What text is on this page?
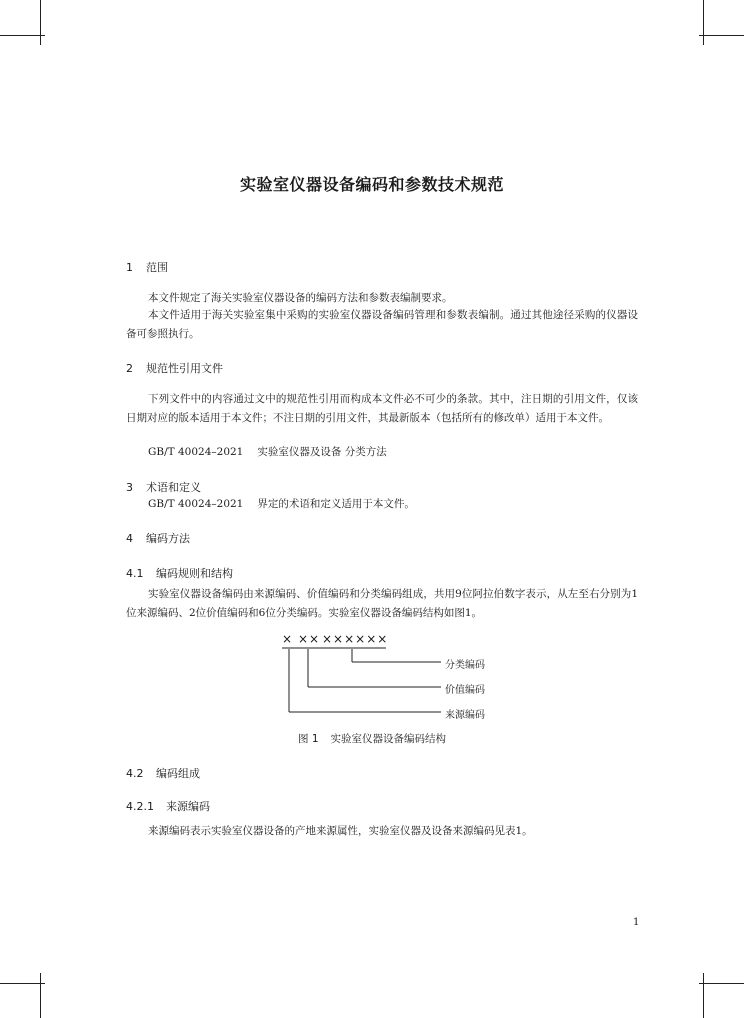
实验室仪器设备编码和参数技术规范
1 范围
本文件规定了海关实验室仪器设备的编码方法和参数表编制要求。
本文件适用于海关实验室集中采购的实验室仪器设备编码管理和参数表编制。通过其他途径采购的仪器设备可参照执行。
2 规范性引用文件
下列文件中的内容通过文中的规范性引用而构成本文件必不可少的条款。其中，注日期的引用文件，仅该日期对应的版本适用于本文件；不注日期的引用文件，其最新版本（包括所有的修改单）适用于本文件。
GB/T 40024–2021 实验室仪器及设备 分类方法
3 术语和定义
GB/T 40024–2021 界定的术语和定义适用于本文件。
4 编码方法
4.1 编码规则和结构
实验室仪器设备编码由来源编码、价值编码和分类编码组成，共用9位阿拉伯数字表示，从左至右分别为1位来源编码、2位价值编码和6位分类编码。实验室仪器设备编码结构如图1。
× ×× ××××××
分类编码
价值编码
来源编码
图 1 实验室仪器设备编码结构
4.2 编码组成
4.2.1 来源编码
来源编码表示实验室仪器设备的产地来源属性，实验室仪器及设备来源编码见表1。
1
